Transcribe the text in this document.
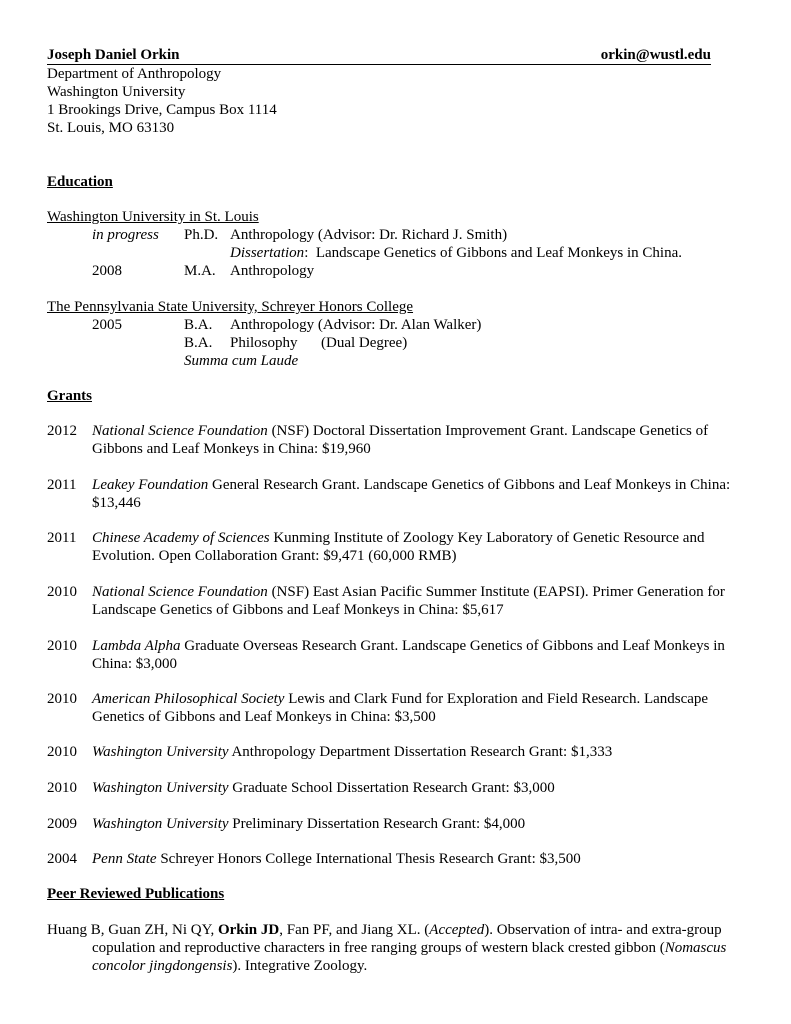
Joseph Daniel Orkin	orkin@wustl.edu
Department of Anthropology
Washington University
1 Brookings Drive, Campus Box 1114
St. Louis, MO 63130
Education
Washington University in St. Louis
in progress Ph.D. Anthropology (Advisor: Dr. Richard J. Smith)
Dissertation:  Landscape Genetics of Gibbons and Leaf Monkeys in China.
2008	M.A. Anthropology
The Pennsylvania State University, Schreyer Honors College
2005	B.A. Anthropology (Advisor: Dr. Alan Walker)
B.A. Philosophy (Dual Degree)
Summa cum Laude
Grants
2012 National Science Foundation (NSF) Doctoral Dissertation Improvement Grant. Landscape Genetics of Gibbons and Leaf Monkeys in China: $19,960
2011 Leakey Foundation General Research Grant. Landscape Genetics of Gibbons and Leaf Monkeys in China: $13,446
2011 Chinese Academy of Sciences Kunming Institute of Zoology Key Laboratory of Genetic Resource and Evolution. Open Collaboration Grant: $9,471 (60,000 RMB)
2010 National Science Foundation (NSF) East Asian Pacific Summer Institute (EAPSI). Primer Generation for Landscape Genetics of Gibbons and Leaf Monkeys in China: $5,617
2010 Lambda Alpha Graduate Overseas Research Grant. Landscape Genetics of Gibbons and Leaf Monkeys in China: $3,000
2010 American Philosophical Society Lewis and Clark Fund for Exploration and Field Research. Landscape Genetics of Gibbons and Leaf Monkeys in China: $3,500
2010 Washington University Anthropology Department Dissertation Research Grant: $1,333
2010 Washington University Graduate School Dissertation Research Grant: $3,000
2009 Washington University Preliminary Dissertation Research Grant: $4,000
2004 Penn State Schreyer Honors College International Thesis Research Grant: $3,500
Peer Reviewed Publications
Huang B, Guan ZH, Ni QY, Orkin JD, Fan PF, and Jiang XL. (Accepted). Observation of intra- and extra-group copulation and reproductive characters in free ranging groups of western black crested gibbon (Nomascus concolor jingdongensis). Integrative Zoology.
